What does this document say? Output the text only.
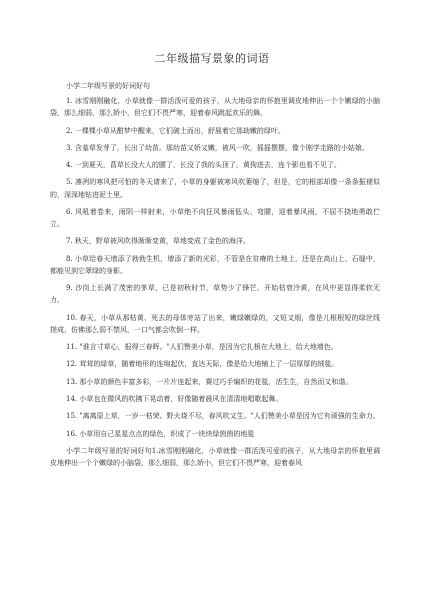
二年级描写景象的词语
小学二年级写景的好词好句

1. 冰雪刚刚融化，小草就像一群活泼可爱的孩子，从大地母亲的怀抱里调皮地伸出一个个嫩绿的小脑袋，那么细弱，那么娇小，但它们不畏严寒，迎着春风跳起欢乐的舞。

2. 一棵棵小草从酣梦中醒来，它们破土而出，舒展着它那劫嫩的绿叶。

3. 含羞草发芽了，长出了幼苗。那幼苗又娇又嫩，被风一吹，摇摇摆摆，像个刚学走路的小姑娘。

4. 一到夏天，菖草长没大人的腰了，长没了我的头顶了，黄狗进去，连个影也看不见了。

5. 凛冽的寒风把可怕的冬天请来了，小草的身躯被寒风吹萎缩了，但是，它的根部却像一条条振褪似的，深深地钻进泥土里。

6. 风吼着卷来，雨阴一样射来，小草绝不向狂风暴雨低头、弯腰，迎着暴风雨，不屈不挠地勇敢伫立。

7. 秋天，野草被风吹得渐渐变黄，草地变成了金色的海洋。

8. 小草给春天增添了勃勃生机，增添了新的光彩，不管是在贫瘠的土地上，还是在高山上、石缝中，都能见到它翠绿的身影。

9. 沙岗上长满了茂密的茅草，已是初秋时节，草势少了锋芒，开始枯衰冷黄，在风中更显得柔软无力。

10. 春天，小草从那枯黄、死去的母体旁站了出来，嫩绿嫩绿的，又短又细，像是儿根根短的绿丝线搓成，仿佛那么弱不禁风，一口气都会吹倒一样。

11. "谁言寸草心，报得三春晖。"人们赞美小草，是因为它扎根在大地上，给大地增色。

12. 茸茸的绿草，随着地形的连绵起伏，直达天际，像是给大地铺上了一层厚厚的绒毯。

13. 那小草的颜色丰富多彩，一片片连起来，赛过巧手编织的花毯，活生生，自然而又和谐。

14. 小草也在微风的吹拂下晃动着，好像随着晨风在清清地唱歌起舞。

15. "离离原上草，一岁一枯荣。野火烧不尽，春风吹又生。"人们赞美小草是因为它有顽强的生命力。

16. 小草用自己星星点点的绿色，织成了一块块绿茵茵的地毯

小学二年级写景的好词好句1.冰雪刚刚融化，小草就像一群活泼可爱的孩子，从大地母亲的怀抱里调皮地伸出一个个嫩绿的小脑袋，那么细弱，那么娇小，但它们不畏严寒，迎着春风
